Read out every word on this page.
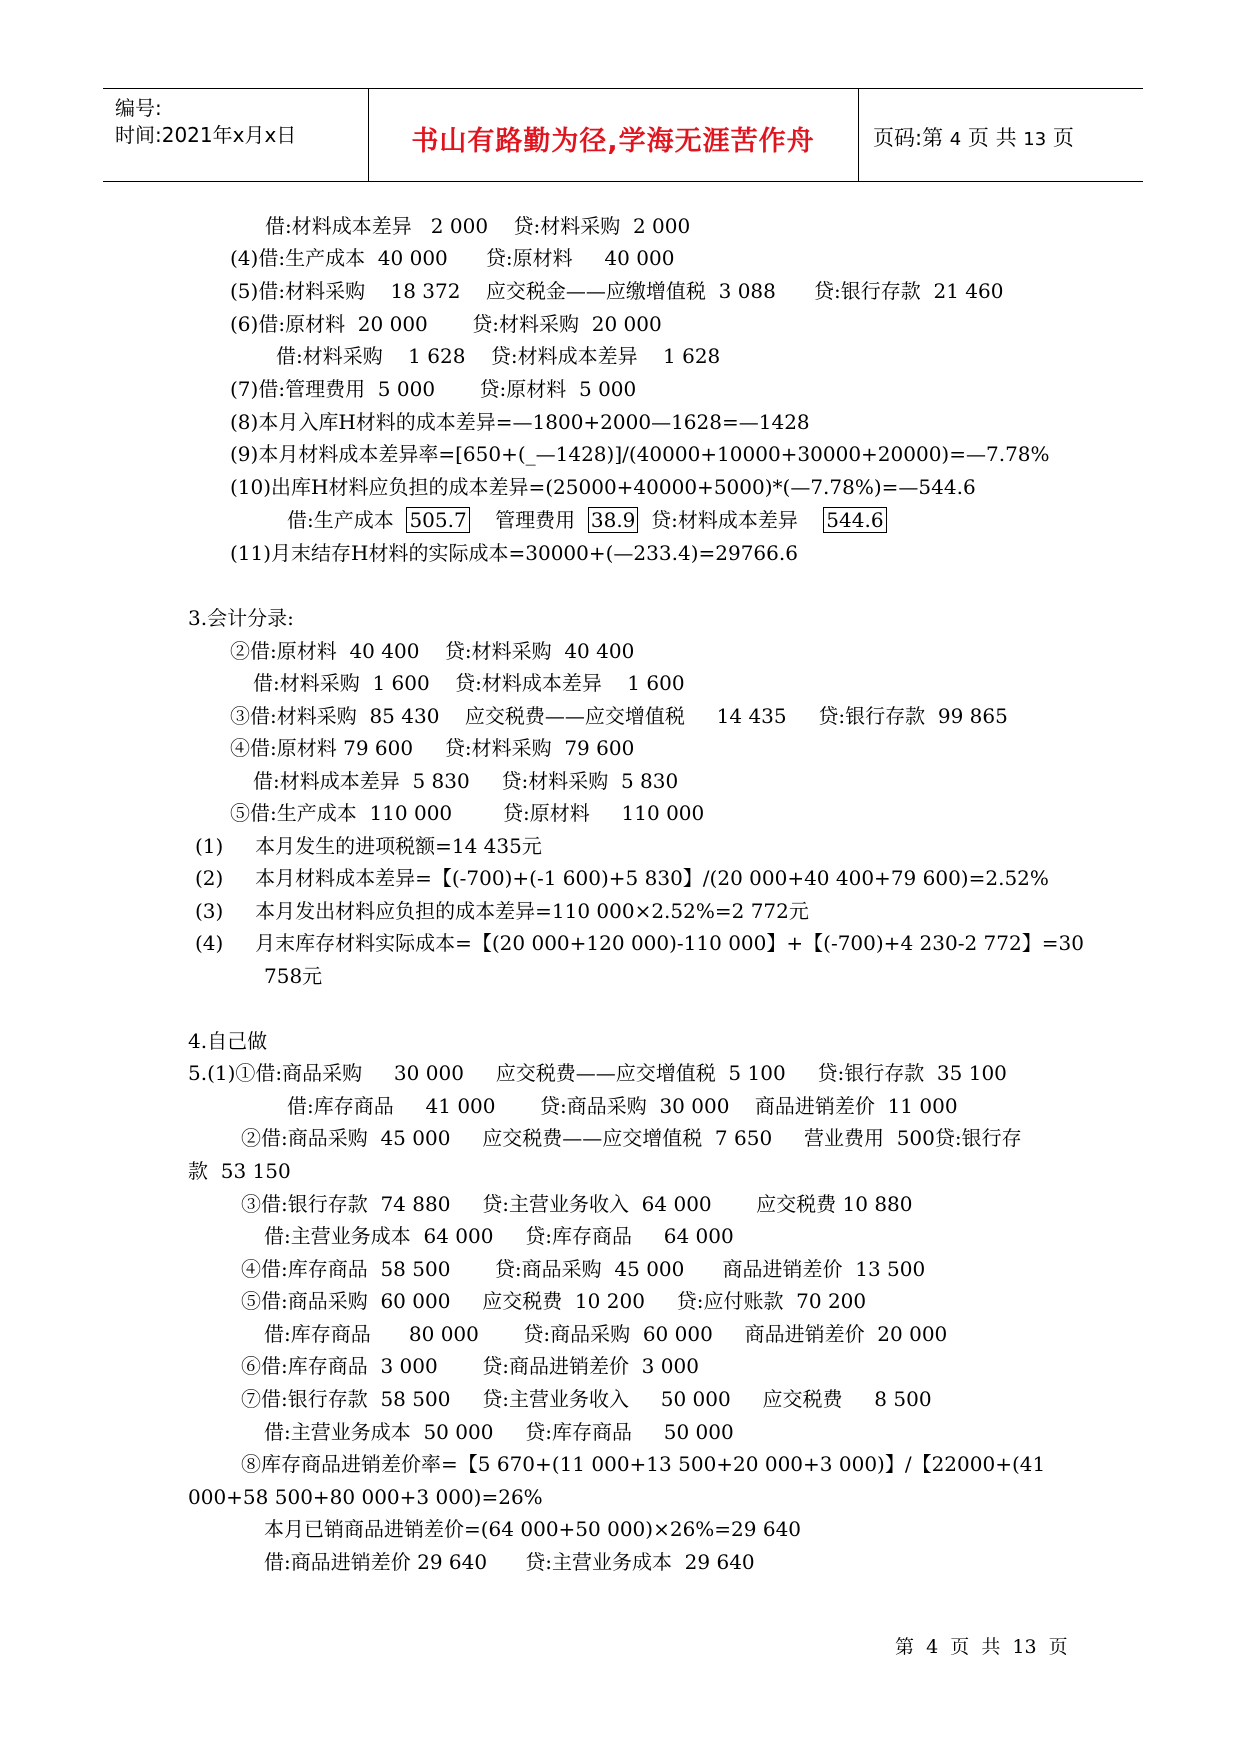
编号:
时间:2021年x月x日	书山有路勤为径,学海无涯苦作舟	页码:第 4 页 共 13 页
借:材料成本差异   2 000    贷:材料采购  2 000
(4)借:生产成本  40 000      贷:原材料     40 000
(5)借:材料采购    18 372    应交税金——应缴增值税  3 088      贷:银行存款  21 460
(6)借:原材料  20 000       贷:材料采购  20 000
借:材料采购    1 628    贷:材料成本差异    1 628
(7)借:管理费用  5 000       贷:原材料  5 000
(8)本月入库H材料的成本差异=—1800+2000—1628=—1428
(9)本月材料成本差异率=[650+(_—1428)]/(40000+10000+30000+20000)=—7.78%
(10)出库H材料应负担的成本差异=(25000+40000+5000)*(—7.78%)=—544.6
借:生产成本  505.7    管理费用  38.9  贷:材料成本差异    544.6
(11)月末结存H材料的实际成本=30000+(—233.4)=29766.6
3.会计分录:
②借:原材料  40 400    贷:材料采购  40 400
借:材料采购  1 600    贷:材料成本差异    1 600
③借:材料采购  85 430    应交税费——应交增值税     14 435     贷:银行存款  99 865
④借:原材料 79 600     贷:材料采购  79 600
借:材料成本差异  5 830     贷:材料采购  5 830
⑤借:生产成本  110 000        贷:原材料     110 000
(1)     本月发生的进项税额=14 435元
(2)     本月材料成本差异=【(-700)+(-1 600)+5 830】/(20 000+40 400+79 600)=2.52%
(3)     本月发出材料应负担的成本差异=110 000×2.52%=2 772元
(4)     月末库存材料实际成本=【(20 000+120 000)-110 000】+【(-700)+4 230-2 772】=30
758元
4.自己做
5.(1)①借:商品采购     30 000     应交税费——应交增值税  5 100     贷:银行存款  35 100
借:库存商品     41 000       贷:商品采购  30 000    商品进销差价  11 000
②借:商品采购  45 000     应交税费——应交增值税  7 650     营业费用  500贷:银行存
款  53 150
③借:银行存款  74 880     贷:主营业务收入  64 000       应交税费 10 880
借:主营业务成本  64 000     贷:库存商品     64 000
④借:库存商品  58 500       贷:商品采购  45 000      商品进销差价  13 500
⑤借:商品采购  60 000     应交税费  10 200     贷:应付账款  70 200
借:库存商品      80 000       贷:商品采购  60 000     商品进销差价  20 000
⑥借:库存商品  3 000       贷:商品进销差价  3 000
⑦借:银行存款  58 500     贷:主营业务收入     50 000     应交税费     8 500
借:主营业务成本  50 000     贷:库存商品     50 000
⑧库存商品进销差价率=【5 670+(11 000+13 500+20 000+3 000)】/【22000+(41
000+58 500+80 000+3 000)=26%
本月已销商品进销差价=(64 000+50 000)×26%=29 640
借:商品进销差价 29 640      贷:主营业务成本  29 640
第  4  页  共  13  页
